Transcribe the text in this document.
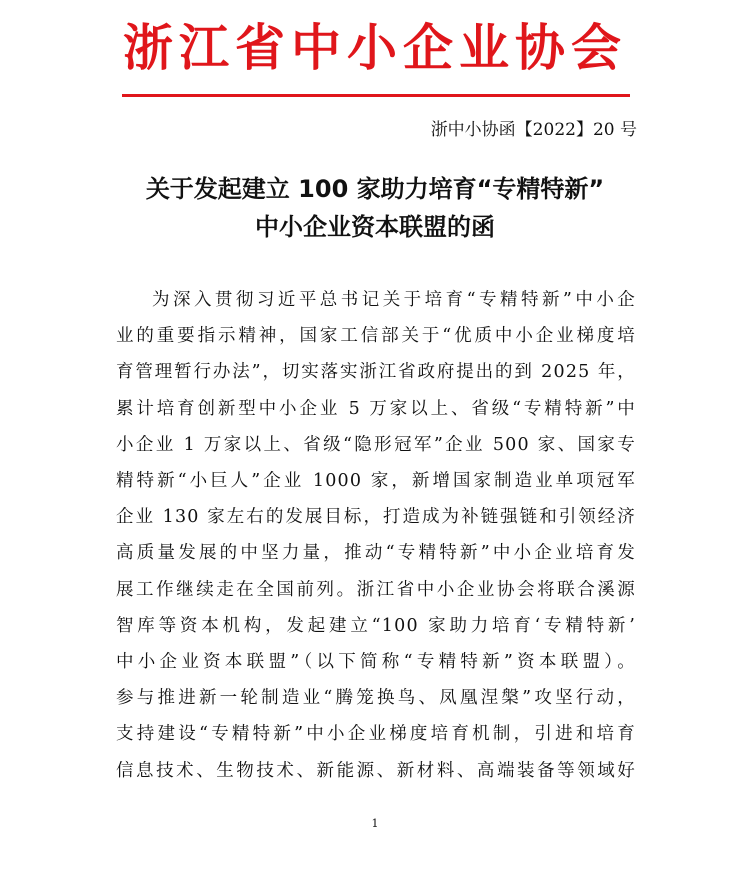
浙江省中小企业协会
浙中小协函【2022】20 号
关于发起建立 100 家助力培育“专精特新”
中小企业资本联盟的函
为深入贯彻习近平总书记关于培育“专精特新”中小企
业的重要指示精神，国家工信部关于“优质中小企业梯度培
育管理暂行办法”，切实落实浙江省政府提出的到 2025 年，
累计培育创新型中小企业 5 万家以上、省级“专精特新”中
小企业 1 万家以上、省级“隐形冠军”企业 500 家、国家专
精特新“小巨人”企业 1000 家，新增国家制造业单项冠军
企业 130 家左右的发展目标，打造成为补链强链和引领经济
高质量发展的中坚力量，推动“专精特新”中小企业培育发
展工作继续走在全国前列。浙江省中小企业协会将联合溪源
智库等资本机构，发起建立“100 家助力培育‘专精特新’
中小企业资本联盟”（以下简称“专精特新”资本联盟）。
参与推进新一轮制造业“腾笼换鸟、凤凰涅槃”攻坚行动，
支持建设“专精特新”中小企业梯度培育机制，引进和培育
信息技术、生物技术、新能源、新材料、高端装备等领域好
1
